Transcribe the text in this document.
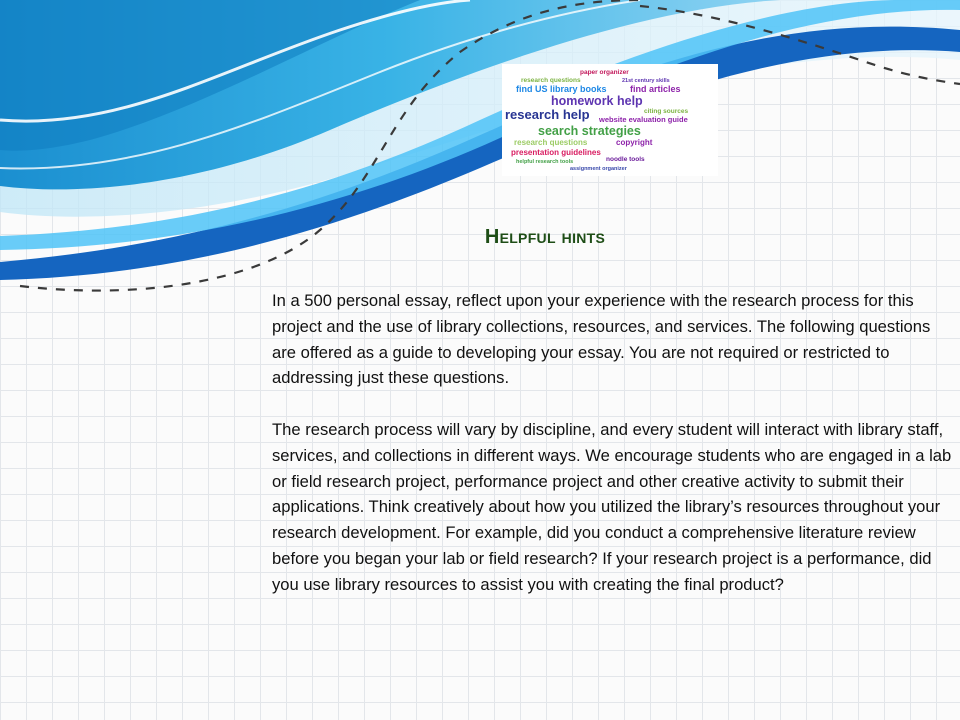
paper organizer
research questions	21st century skills
find US library books	find articles
homework help
research help	citing sources
website evaluation guide
search strategies
research questions	copyright
presentation guidelines
noodle tools
helpful research tools
assignment organizer
Helpful hints

In a 500 personal essay, reflect upon your experience with the research process for this project and the use of library collections, resources, and services. The following questions are offered as a guide to developing your essay. You are not required or restricted to addressing just these questions.

The research process will vary by discipline, and every student will interact with library staff, services, and collections in different ways. We encourage students who are engaged in a lab or field research project, performance project and other creative activity to submit their applications. Think creatively about how you utilized the library’s resources throughout your research development. For example, did you conduct a comprehensive literature review before you began your lab or field research? If your research project is a performance, did you use library resources to assist you with creating the final product?
